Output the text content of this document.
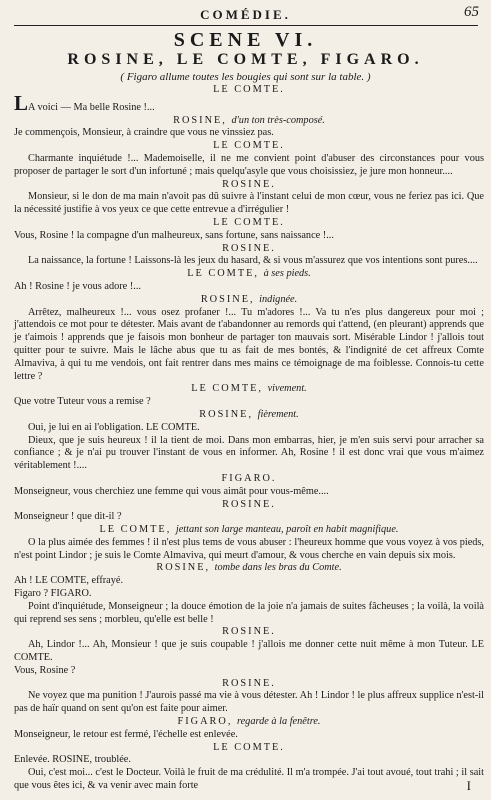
COMÉDIE.	65
SCENE VI.
ROSINE, LE COMTE, FIGARO.
( Figaro allume toutes les bougies qui sont sur la table. )

LE COMTE.

LA voici — Ma belle Rosine !...

ROSINE, d'un ton très-composé.

Je commençois, Monsieur, à craindre que vous ne vinssiez pas.

LE COMTE.

Charmante inquiétude !... Mademoiselle, il ne me convient point d'abuser des circonstances pour vous proposer de partager le sort d'un infortuné ; mais quelqu'asyle que vous choisissiez, je jure mon honneur....

ROSINE.

Monsieur, si le don de ma main n'avoit pas dû suivre à l'instant celui de mon cœur, vous ne feriez pas ici. Que la nécessité justifie à vos yeux ce que cette entrevue a d'irrégulier !

LE COMTE.

Vous, Rosine ! la compagne d'un malheureux, sans fortune, sans naissance !...

ROSINE.

La naissance, la fortune ! Laissons-là les jeux du hasard, & si vous m'assurez que vos intentions sont pures....

LE COMTE, à ses pieds.

Ah ! Rosine ! je vous adore !...

ROSINE, indignée.

Arrêtez, malheureux !... vous osez profaner !... Tu m'adores !... Va tu n'es plus dangereux pour moi ; j'attendois ce mot pour te détester. Mais avant de t'abandonner au remords qui t'attend, (en pleurant) apprends que je t'aimois ! apprends que je faisois mon bonheur de partager ton mauvais sort. Misérable Lindor ! j'allois tout quitter pour te suivre. Mais le lâche abus que tu as fait de mes bontés, & l'indignité de cet affreux Comte Almaviva, à qui tu me vendois, ont fait rentrer dans mes mains ce témoignage de ma foiblesse. Connois-tu cette lettre ?

LE COMTE, vivement.

Que votre Tuteur vous a remise ?

ROSINE, fièrement.

Oui, je lui en ai l'obligation. LE COMTE.

Dieux, que je suis heureux ! il la tient de moi. Dans mon embarras, hier, je m'en suis servi pour arracher sa confiance ; & je n'ai pu trouver l'instant de vous en informer. Ah, Rosine ! il est donc vrai que vous m'aimez véritablement !....

FIGARO.

Monseigneur, vous cherchiez une femme qui vous aimât pour vous-même....

ROSINE.

Monseigneur ! que dit-il ?

LE COMTE, jettant son large manteau, paroît en habit magnifique.

O la plus aimée des femmes ! il n'est plus tems de vous abuser : l'heureux homme que vous voyez à vos pieds, n'est point Lindor ; je suis le Comte Almaviva, qui meurt d'amour, & vous cherche en vain depuis six mois.

ROSINE, tombe dans les bras du Comte.

Ah ! LE COMTE, effrayé.

Figaro ? FIGARO.

Point d'inquiétude, Monseigneur ; la douce émotion de la joie n'a jamais de suites fâcheuses ; la voilà, la voilà qui reprend ses sens ; morbleu, qu'elle est belle !

ROSINE.

Ah, Lindor !... Ah, Monsieur ! que je suis coupable ! j'allois me donner cette nuit même à mon Tuteur. LE COMTE.

Vous, Rosine ?

ROSINE.

Ne voyez que ma punition ! J'aurois passé ma vie à vous détester. Ah ! Lindor ! le plus affreux supplice n'est-il pas de haïr quand on sent qu'on est faite pour aimer.

FIGARO, regarde à la fenêtre.

Monseigneur, le retour est fermé, l'échelle est enlevée.

LE COMTE.

Enlevée. ROSINE, troublée.

Oui, c'est moi... c'est le Docteur. Voilà le fruit de ma crédulité. Il m'a trompée. J'ai tout avoué, tout trahi ; il sait que vous êtes ici, & va venir avec main forte	I
